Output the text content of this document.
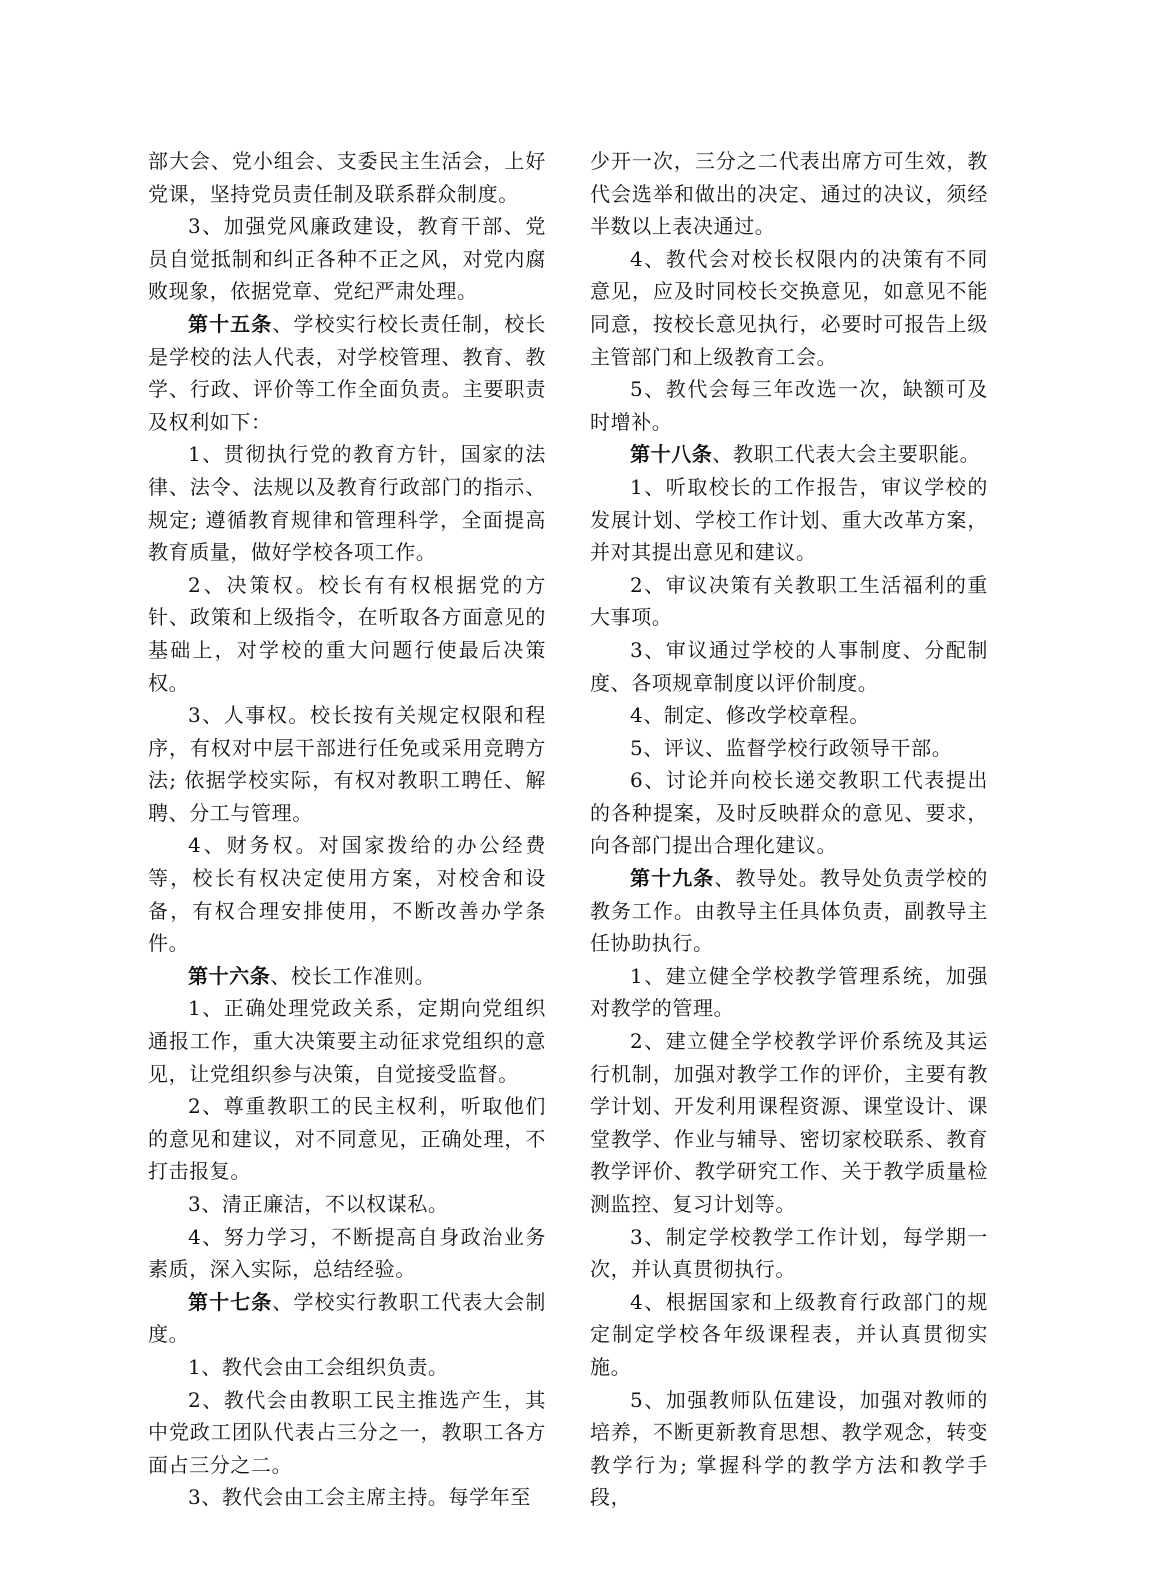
部大会、党小组会、支委民主生活会，上好党课，坚持党员责任制及联系群众制度。

3、加强党风廉政建设，教育干部、党员自觉抵制和纠正各种不正之风，对党内腐败现象，依据党章、党纪严肃处理。

第十五条、学校实行校长责任制，校长是学校的法人代表，对学校管理、教育、教学、行政、评价等工作全面负责。主要职责及权利如下：

1、贯彻执行党的教育方针，国家的法律、法令、法规以及教育行政部门的指示、规定; 遵循教育规律和管理科学，全面提高教育质量，做好学校各项工作。

2、决策权。校长有有权根据党的方针、政策和上级指令，在听取各方面意见的基础上，对学校的重大问题行使最后决策权。

3、人事权。校长按有关规定权限和程序，有权对中层干部进行任免或采用竞聘方法; 依据学校实际，有权对教职工聘任、解聘、分工与管理。

4、财务权。对国家拨给的办公经费等，校长有权决定使用方案，对校舍和设备，有权合理安排使用，不断改善办学条件。

第十六条、校长工作准则。

1、正确处理党政关系，定期向党组织通报工作，重大决策要主动征求党组织的意见，让党组织参与决策，自觉接受监督。

2、尊重教职工的民主权利，听取他们的意见和建议，对不同意见，正确处理，不打击报复。

3、清正廉洁，不以权谋私。

4、努力学习，不断提高自身政治业务素质，深入实际，总结经验。

第十七条、学校实行教职工代表大会制度。

1、教代会由工会组织负责。

2、教代会由教职工民主推选产生，其中党政工团队代表占三分之一，教职工各方面占三分之二。

3、教代会由工会主席主持。每学年至

少开一次，三分之二代表出席方可生效，教代会选举和做出的决定、通过的决议，须经半数以上表决通过。

4、教代会对校长权限内的决策有不同意见，应及时同校长交换意见，如意见不能同意，按校长意见执行，必要时可报告上级主管部门和上级教育工会。

5、教代会每三年改选一次，缺额可及时增补。

第十八条、教职工代表大会主要职能。

1、听取校长的工作报告，审议学校的发展计划、学校工作计划、重大改革方案，并对其提出意见和建议。

2、审议决策有关教职工生活福利的重大事项。

3、审议通过学校的人事制度、分配制度、各项规章制度以评价制度。

4、制定、修改学校章程。

5、评议、监督学校行政领导干部。

6、讨论并向校长递交教职工代表提出的各种提案，及时反映群众的意见、要求，向各部门提出合理化建议。

第十九条、教导处。教导处负责学校的教务工作。由教导主任具体负责，副教导主任协助执行。

1、建立健全学校教学管理系统，加强对教学的管理。

2、建立健全学校教学评价系统及其运行机制，加强对教学工作的评价，主要有教学计划、开发利用课程资源、课堂设计、课堂教学、作业与辅导、密切家校联系、教育教学评价、教学研究工作、关于教学质量检测监控、复习计划等。

3、制定学校教学工作计划，每学期一次，并认真贯彻执行。

4、根据国家和上级教育行政部门的规定制定学校各年级课程表，并认真贯彻实施。

5、加强教师队伍建设，加强对教师的培养，不断更新教育思想、教学观念，转变教学行为; 掌握科学的教学方法和教学手段，
